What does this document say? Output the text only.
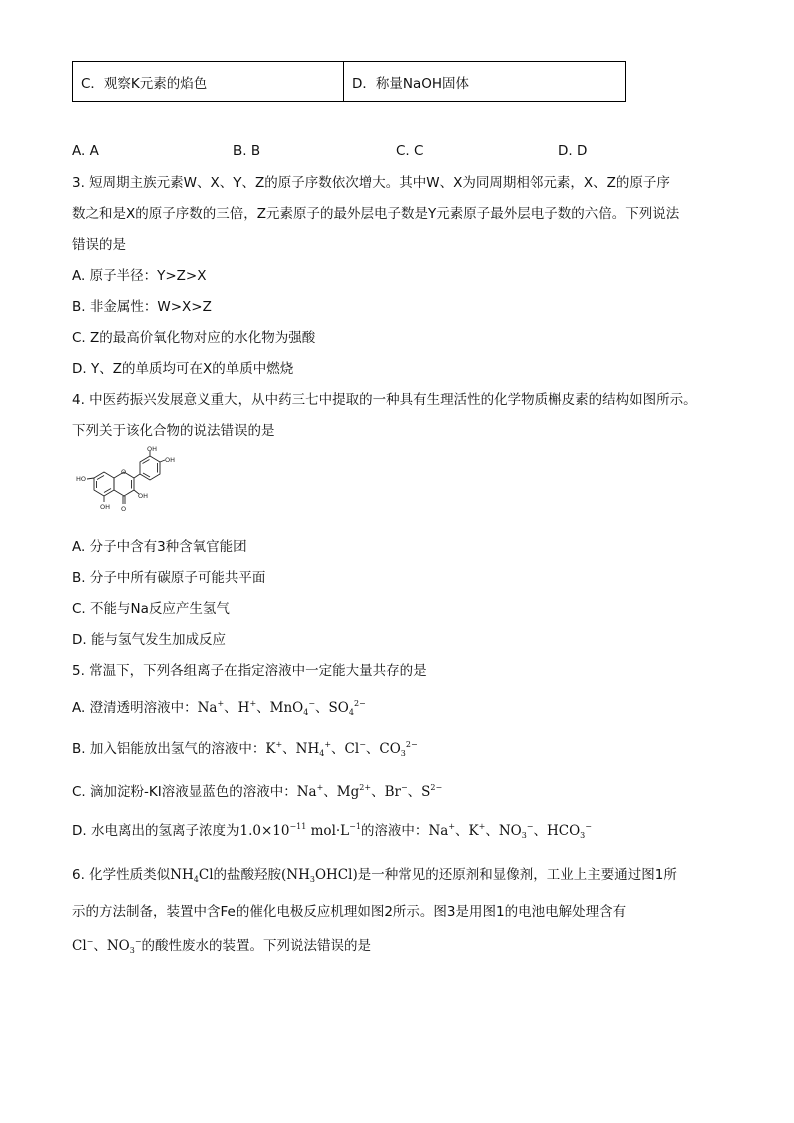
C．观察K元素的焰色	D．称量NaOH固体
A. A	B. B	C. C	D. D
3. 短周期主族元素W、X、Y、Z的原子序数依次增大。其中W、X为同周期相邻元素，X、Z的原子序
数之和是X的原子序数的三倍，Z元素原子的最外层电子数是Y元素原子最外层电子数的六倍。下列说法
错误的是
A. 原子半径：Y>Z>X
B. 非金属性：W>X>Z
C. Z的最高价氧化物对应的水化物为强酸
D. Y、Z的单质均可在X的单质中燃烧
4. 中医药振兴发展意义重大，从中药三七中提取的一种具有生理活性的化学物质槲皮素的结构如图所示。
下列关于该化合物的说法错误的是
OH
OH
HO
O
OH
OH O
A. 分子中含有3种含氧官能团
B. 分子中所有碳原子可能共平面
C. 不能与Na反应产生氢气
D. 能与氢气发生加成反应
5. 常温下，下列各组离子在指定溶液中一定能大量共存的是
A. 澄清透明溶液中：Na+、H+、MnO$_4$−、$SO_4^{2-}$
B. 加入铝能放出氢气的溶液中：K+、$NH_4^+$、Cl−、$CO_3^{2-}$
C. 滴加淀粉-KI溶液显蓝色的溶液中：Na+、$Mg^{2+}$、Br−、$S^{2-}$
D. 水电离出的氢离子浓度为$1.0\times 10^{-11}$ $mol\cdot L^{-1}$的溶液中：Na+、K+、$NO_3^-$、$HCO_3^-$
6. 化学性质类似$NH_4Cl$的盐酸羟胺$(NH_3OHCl)$是一种常见的还原剂和显像剂，工业上主要通过图1所
示的方法制备，装置中含Fe的催化电极反应机理如图2所示。图3是用图1的电池电解处理含有
Cl−、$NO_3^-$的酸性废水的装置。下列说法错误的是
